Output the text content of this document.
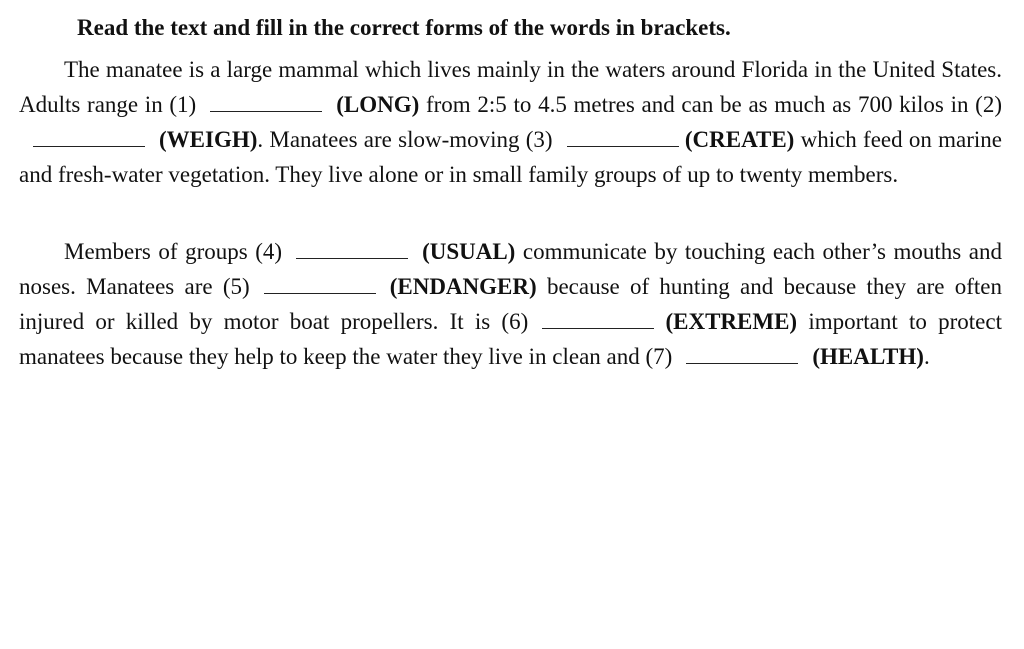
Read the text and fill in the correct forms of the words in brackets.

The manatee is a large mammal which lives mainly in the waters around Florida in the United States. Adults range in (1)	(LONG) from 2:5 to 4.5 metres and can be as much as 700 kilos in (2)(WEIGH). Manatees are slow-moving (3)	(CREATE) which feed on marine and fresh-water vegetation. They live alone or in small family groups of up to twenty members.

Members of groups (4)	(USUAL) communicate by touching each other’s mouths and noses. Manatees are (5)	(ENDANGER) because of hunting and because they are often injured or killed by motor boat propellers. It is (6)	(EXTREME) important to protect manatees because they help to keep the water they live in clean and (7)	(HEALTH).
